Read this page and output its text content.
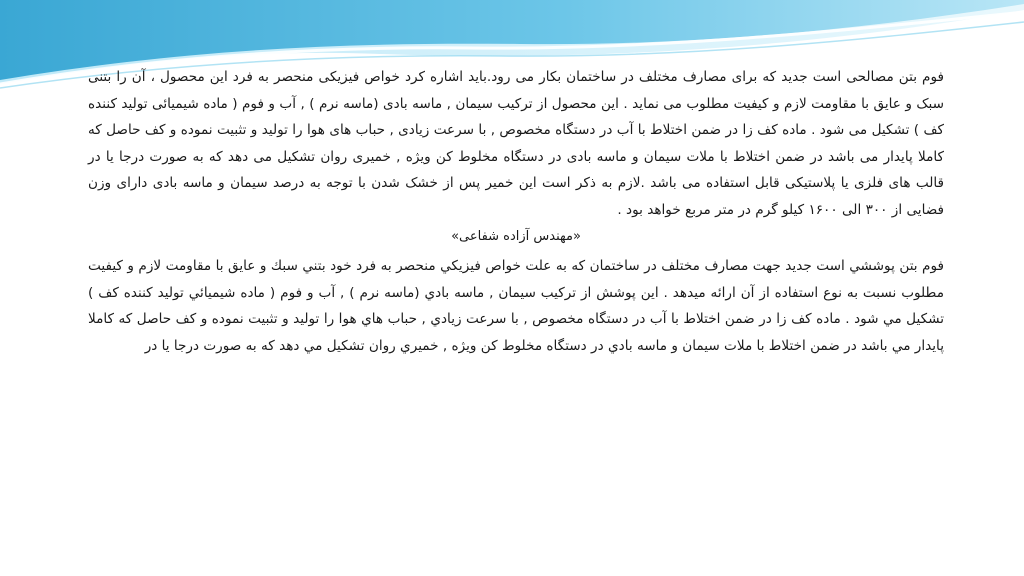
فوم بتن مصالحی است جدید که برای مصارف مختلف در ساختمان بکار می رود.باید اشاره کرد خواص فیزیکی منحصر به فرد این محصول ، آن را بتنی سبک و عایق با مقاومت لازم و کیفیت مطلوب می نماید . این محصول از ترکیب سیمان , ماسه بادی (ماسه نرم ) , آب و فوم ( ماده شیمیائی تولید کننده کف ) تشکیل می شود . ماده کف زا در ضمن اختلاط با آب در دستگاه مخصوص , با سرعت زیادی , حباب های هوا را تولید و تثبیت نموده و کف حاصل که کاملا پایدار می باشد در ضمن اختلاط با ملات سیمان و ماسه بادی در دستگاه مخلوط کن ویژه , خمیری روان تشکیل می دهد که به صورت درجا یا در قالب های فلزی یا پلاستیکی قابل استفاده می باشد .لازم به ذکر است این خمیر پس از خشک شدن با توجه به درصد سیمان و ماسه بادی دارای وزن فضایی از ۳۰۰ الی ۱۶۰۰ کیلو گرم در متر مربع خواهد بود .

«مهندس آزاده شفاعی»

فوم بتن پوششي است جديد جهت مصارف مختلف در ساختمان كه به علت خواص فيزيكي منحصر به فرد خود بتني سبك و عايق با مقاومت لازم و كيفيت مطلوب نسبت به نوع استفاده از آن ارائه ميدهد . اين پوشش از تركيب سيمان , ماسه بادي (ماسه نرم ) , آب و فوم ( ماده شيميائي توليد كننده كف ) تشكيل مي شود . ماده كف زا در ضمن اختلاط با آب در دستگاه مخصوص , با سرعت زيادي , حباب هاي هوا را توليد و تثبيت نموده و كف حاصل كه كاملا پايدار مي باشد در ضمن اختلاط با ملات سيمان و ماسه بادي در دستگاه مخلوط كن ويژه , خميري روان تشكيل مي دهد كه به صورت درجا يا در
